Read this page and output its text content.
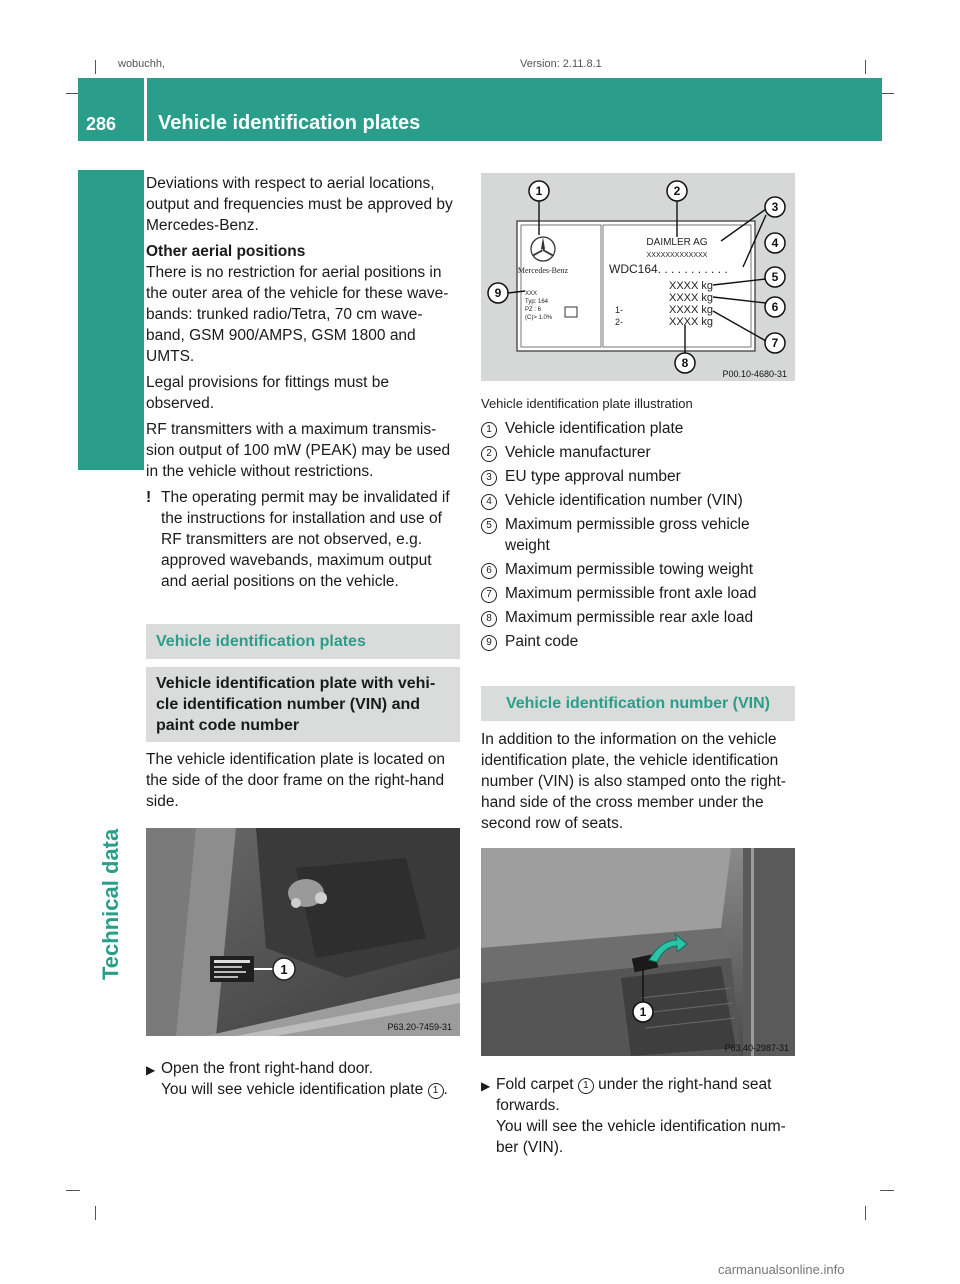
wobuchh,	Version: 2.11.8.1
286 Vehicle identification plates
Technical data

Deviations with respect to aerial locations, output and frequencies must be approved by Mercedes-Benz.

Other aerial positions

There is no restriction for aerial positions in the outer area of the vehicle for these wave- bands: trunked radio/Tetra, 70 cm wave- band, GSM 900/AMPS, GSM 1800 and UMTS.

Legal provisions for fittings must be observed.

RF transmitters with a maximum transmis- sion output of 100 mW (PEAK) may be used in the vehicle without restrictions.

! The operating permit may be invalidated if the instructions for installation and use of RF transmitters are not observed, e.g. approved wavebands, maximum output and aerial positions on the vehicle.
Vehicle identification plates
Vehicle identification plate with vehi- cle identification number (VIN) and paint code number

The vehicle identification plate is located on the side of the door frame on the right-hand side.

1
P63.20-7459-31
▶ Open the front right-hand door.
You will see vehicle identification plate 1 .
Mercedes-Benz
XXX
Typ: 164
PZ : 6
(C)> 1.0%
DAIMLER AG
XXXXXXXXXXXXX
WDC164. . . . . . . . . . .
XXXX kg
XXXX kg
XXXX kg
XXXX kg
1-
2-
1	2
3
4
5
6
7
8
9
P00.10-4680-31
Vehicle identification plate illustration
1 Vehicle identification plate
2 Vehicle manufacturer
3 EU type approval number
4 Vehicle identification number (VIN)
5 Maximum permissible gross vehicle weight
6 Maximum permissible towing weight
7 Maximum permissible front axle load
8 Maximum permissible rear axle load
9 Paint code
Vehicle identification number (VIN)

In addition to the information on the vehicle identification plate, the vehicle identification number (VIN) is also stamped onto the right- hand side of the cross member under the second row of seats.

1
P63.40-2987-31
▶ Fold carpet 1 under the right-hand seat forwards.
You will see the vehicle identification num- ber (VIN).
carmanualsonline.info
